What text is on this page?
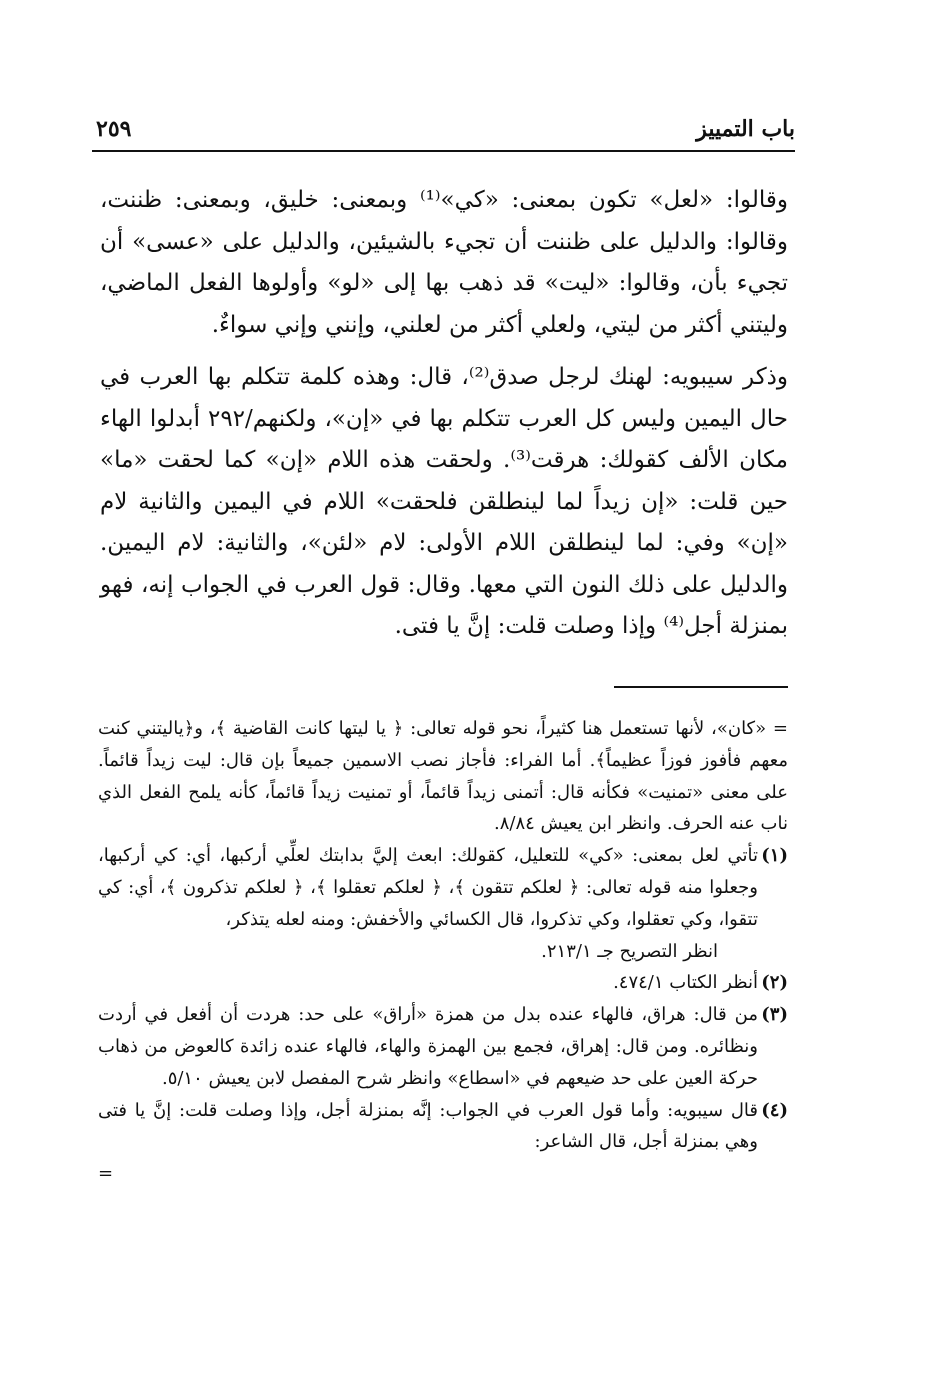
باب التمييز
٢٥٩

وقالوا: «لعل» تكون بمعنى: «كي»⁽¹⁾ وبمعنى: خليق، وبمعنى: ظننت، وقالوا: والدليل على ظننت أن تجيء بالشيئين، والدليل على «عسى» أن تجيء بأن، وقالوا: «ليت» قد ذهب بها إلى «لو» وأولوها الفعل الماضي، وليتني أكثر من ليتي، ولعلي أكثر من لعلني، وإنني وإني سواءٌ.

وذكر سيبويه: لهنك لرجل صدق⁽²⁾، قال: وهذه كلمة تتكلم بها العرب في حال اليمين وليس كل العرب تتكلم بها في «إن»، ولكنهم/٢٩٢ أبدلوا الهاء مكان الألف كقولك: هرقت⁽³⁾. ولحقت هذه اللام «إن» كما لحقت «ما» حين قلت: «إن زيداً لما لينطلقن فلحقت» اللام في اليمين والثانية لام «إن» وفي: لما لينطلقن اللام الأولى: لام «لئن»، والثانية: لام اليمين. والدليل على ذلك النون التي معها. وقال: قول العرب في الجواب إنه، فهو بمنزلة أجل⁽⁴⁾ وإذا وصلت قلت: إنَّ يا فتى.

= «كان»، لأنها تستعمل هنا كثيراً، نحو قوله تعالى: ﴿ يا ليتها كانت القاضية ﴾، و﴿ياليتني كنت معهم فأفوز فوزاً عظيماً﴾. أما الفراء: فأجاز نصب الاسمين جميعاً بإن قال: ليت زيداً قائماً. على معنى «تمنيت» فكأنه قال: أتمنى زيداً قائماً، أو تمنيت زيداً قائماً، كأنه يلمح الفعل الذي ناب عنه الحرف. وانظر ابن يعيش ٨/٨٤.

(١)
تأتي لعل بمعنى: «كي» للتعليل، كقولك: ابعث إليَّ بدابتك لعلِّي أركبها، أي: كي أركبها، وجعلوا منه قوله تعالى: ﴿ لعلكم تتقون ﴾، ﴿ لعلكم تعقلوا ﴾، ﴿ لعلكم تذكرون ﴾، أي: كي تتقوا، وكي تعقلوا، وكي تذكروا، قال الكسائي والأخفش: ومنه لعله يتذكر،
انظر التصريح جـ ٢١٣/١.
(٢)
أنظر الكتاب ٤٧٤/١.
(٣)
من قال: هراق، فالهاء عنده بدل من همزة «أراق» على حد: هردت أن أفعل في أردت ونظائره. ومن قال: إهراق، فجمع بين الهمزة والهاء، فالهاء عنده زائدة كالعوض من ذهاب حركة العين على حد ضيعهم في «اسطاع» وانظر شرح المفصل لابن يعيش ٥/١٠.
(٤)
قال سيبويه: وأما قول العرب في الجواب: إنَّه بمنزلة أجل، وإذا وصلت قلت: إنَّ يا فتى وهي بمنزلة أجل، قال الشاعر:
=
